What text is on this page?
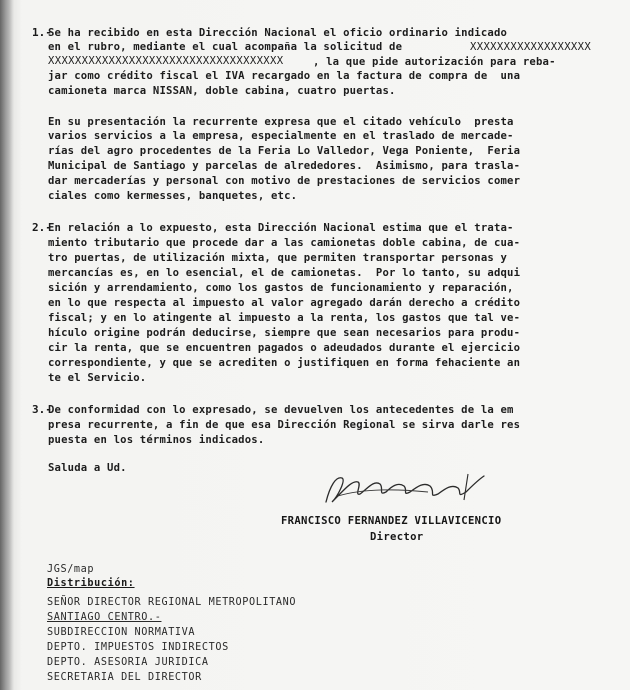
1.-

Se ha recibido en esta Dirección Nacional el oficio ordinario indicado

en el rubro, mediante el cual acompaña la solicitud de	XXXXXXXXXXXXXXXXXX

XXXXXXXXXXXXXXXXXXXXXXXXXXXXXXXXXXX	, la que pide autorización para reba-

jar como crédito fiscal el IVA recargado en la factura de compra de  una

camioneta marca NISSAN, doble cabina, cuatro puertas.

En su presentación la recurrente expresa que el citado vehículo  presta

varios servicios a la empresa, especialmente en el traslado de mercade-

rías del agro procedentes de la Feria Lo Valledor, Vega Poniente,  Feria

Municipal de Santiago y parcelas de alrededores.  Asimismo, para trasla-

dar mercaderías y personal con motivo de prestaciones de servicios comer

ciales como kermesses, banquetes, etc.

2.-

En relación a lo expuesto, esta Dirección Nacional estima que el trata-

miento tributario que procede dar a las camionetas doble cabina, de cua-

tro puertas, de utilización mixta, que permiten transportar personas y

mercancías es, en lo esencial, el de camionetas.  Por lo tanto, su adqui

sición y arrendamiento, como los gastos de funcionamiento y reparación,

en lo que respecta al impuesto al valor agregado darán derecho a crédito

fiscal; y en lo atingente al impuesto a la renta, los gastos que tal ve-

hículo origine podrán deducirse, siempre que sean necesarios para produ-

cir la renta, que se encuentren pagados o adeudados durante el ejercicio

correspondiente, y que se acrediten o justifiquen en forma fehaciente an

te el Servicio.

3.-

De conformidad con lo expresado, se devuelven los antecedentes de la em

presa recurrente, a fin de que esa Dirección Regional se sirva darle res

puesta en los términos indicados.

Saluda a Ud.

FRANCISCO FERNANDEZ VILLAVICENCIO
Director

JGS/map

Distribución:

SEÑOR DIRECTOR REGIONAL METROPOLITANO

SANTIAGO CENTRO.-

SUBDIRECCION NORMATIVA

DEPTO. IMPUESTOS INDIRECTOS

DEPTO. ASESORIA JURIDICA

SECRETARIA DEL DIRECTOR
